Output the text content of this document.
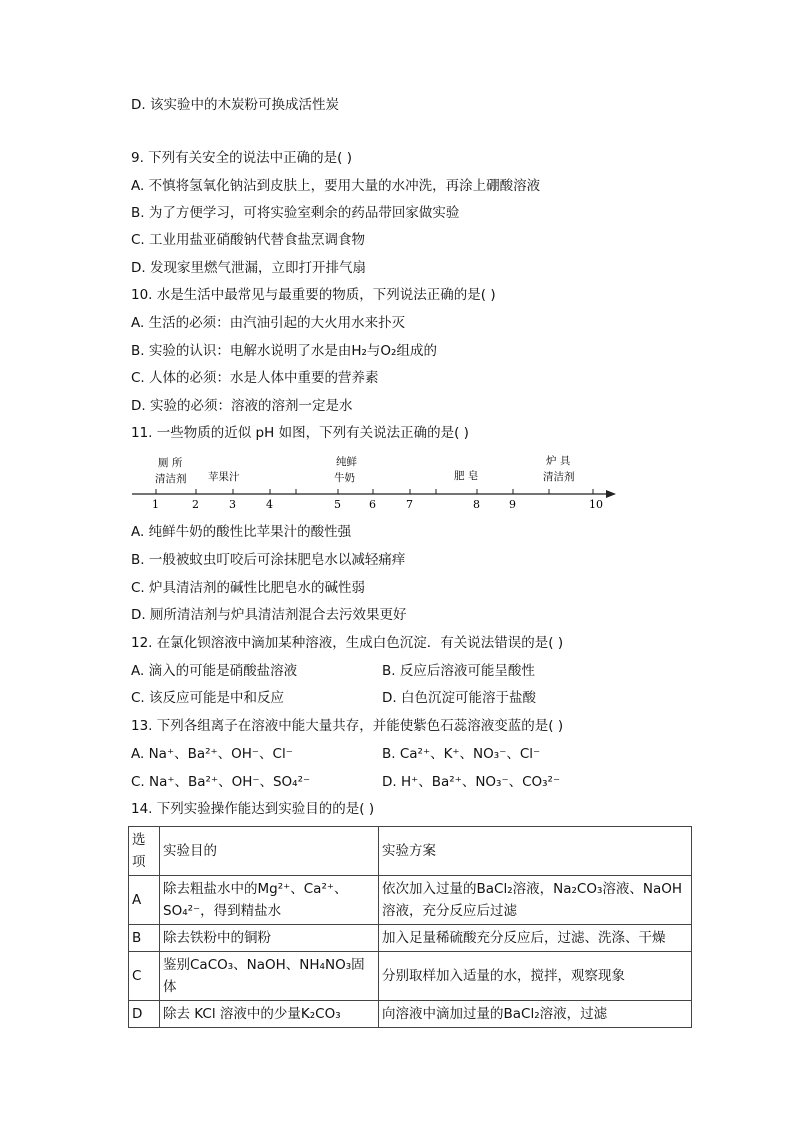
D. 该实验中的木炭粉可换成活性炭
9. 下列有关安全的说法中正确的是( )
A. 不慎将氢氧化钠沾到皮肤上，要用大量的水冲洗，再涂上硼酸溶液
B. 为了方便学习，可将实验室剩余的药品带回家做实验
C. 工业用盐亚硝酸钠代替食盐烹调食物
D. 发现家里燃气泄漏，立即打开排气扇
10. 水是生活中最常见与最重要的物质，下列说法正确的是( )
A. 生活的必须：由汽油引起的大火用水来扑灭
B. 实验的认识：电解水说明了水是由H₂与O₂组成的
C. 人体的必须：水是人体中重要的营养素
D. 实验的必须：溶液的溶剂一定是水
11. 一些物质的近似 pH 如图，下列有关说法正确的是( )
1	2	3	4	5	6	7	8	9	10
厕 所
清洁剂 苹果汁
纯鲜
牛奶	肥 皂
炉 具
清洁剂
A. 纯鲜牛奶的酸性比苹果汁的酸性强
B. 一般被蚊虫叮咬后可涂抹肥皂水以减轻痛痒
C. 炉具清洁剂的碱性比肥皂水的碱性弱
D. 厕所清洁剂与炉具清洁剂混合去污效果更好
12. 在氯化钡溶液中滴加某种溶液，生成白色沉淀．有关说法错误的是( )
A. 滴入的可能是硝酸盐溶液	B. 反应后溶液可能呈酸性
C. 该反应可能是中和反应	D. 白色沉淀可能溶于盐酸
13. 下列各组离子在溶液中能大量共存，并能使紫色石蕊溶液变蓝的是( )
A. Na⁺、Ba²⁺、OH⁻、Cl⁻	B. Ca²⁺、K⁺、NO₃⁻、Cl⁻
C. Na⁺、Ba²⁺、OH⁻、SO₄²⁻	D. H⁺、Ba²⁺、NO₃⁻、CO₃²⁻
14. 下列实验操作能达到实验目的的是( )
选项	实验目的	实验方案
A	除去粗盐水中的Mg²⁺、Ca²⁺、SO₄²⁻，得到精盐水	依次加入过量的BaCl₂溶液，Na₂CO₃溶液、NaOH 溶液，充分反应后过滤
B	除去铁粉中的铜粉	加入足量稀硫酸充分反应后，过滤、洗涤、干燥
C	鉴别CaCO₃、NaOH、NH₄NO₃固体	分别取样加入适量的水，搅拌，观察现象
D	除去 KCl 溶液中的少量K₂CO₃	向溶液中滴加过量的BaCl₂溶液，过滤
